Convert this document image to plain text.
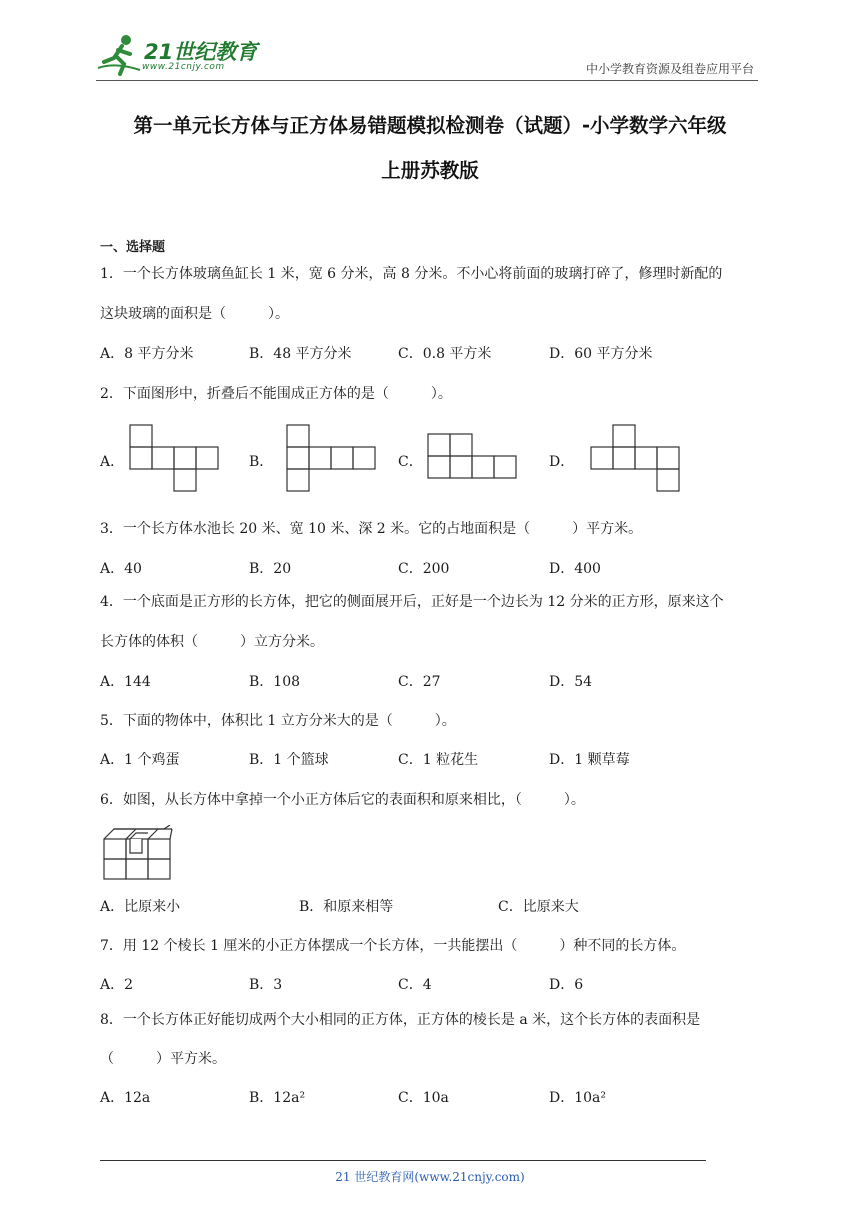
21世纪教育
www.21cnjy.com	中小学教育资源及组卷应用平台
第一单元长方体与正方体易错题模拟检测卷（试题）-小学数学六年级
上册苏教版
一、选择题
1．一个长方体玻璃鱼缸长 1 米，宽 6 分米，高 8 分米。不小心将前面的玻璃打碎了，修理时新配的
这块玻璃的面积是（　　　）。
A．8 平方分米	B．48 平方分米	C．0.8 平方米	D．60 平方分米
2．下面图形中，折叠后不能围成正方体的是（　　　）。
A．	B．	C．	D．
3．一个长方体水池长 20 米、宽 10 米、深 2 米。它的占地面积是（　　　）平方米。
A．40	B．20	C．200	D．400
4．一个底面是正方形的长方体，把它的侧面展开后，正好是一个边长为 12 分米的正方形，原来这个
长方体的体积（　　　）立方分米。
A．144	B．108	C．27	D．54
5．下面的物体中，体积比 1 立方分米大的是（　　　）。
A．1 个鸡蛋	B．1 个篮球	C．1 粒花生	D．1 颗草莓
6．如图，从长方体中拿掉一个小正方体后它的表面积和原来相比，（　　　）。
A．比原来小	B．和原来相等	C．比原来大
7．用 12 个棱长 1 厘米的小正方体摆成一个长方体，一共能摆出（　　　）种不同的长方体。
A．2	B．3	C．4	D．6
8．一个长方体正好能切成两个大小相同的正方体，正方体的棱长是 a 米，这个长方体的表面积是
（　　　）平方米。
A．12a	B．12a²	C．10a	D．10a²
21 世纪教育网(www.21cnjy.com)
